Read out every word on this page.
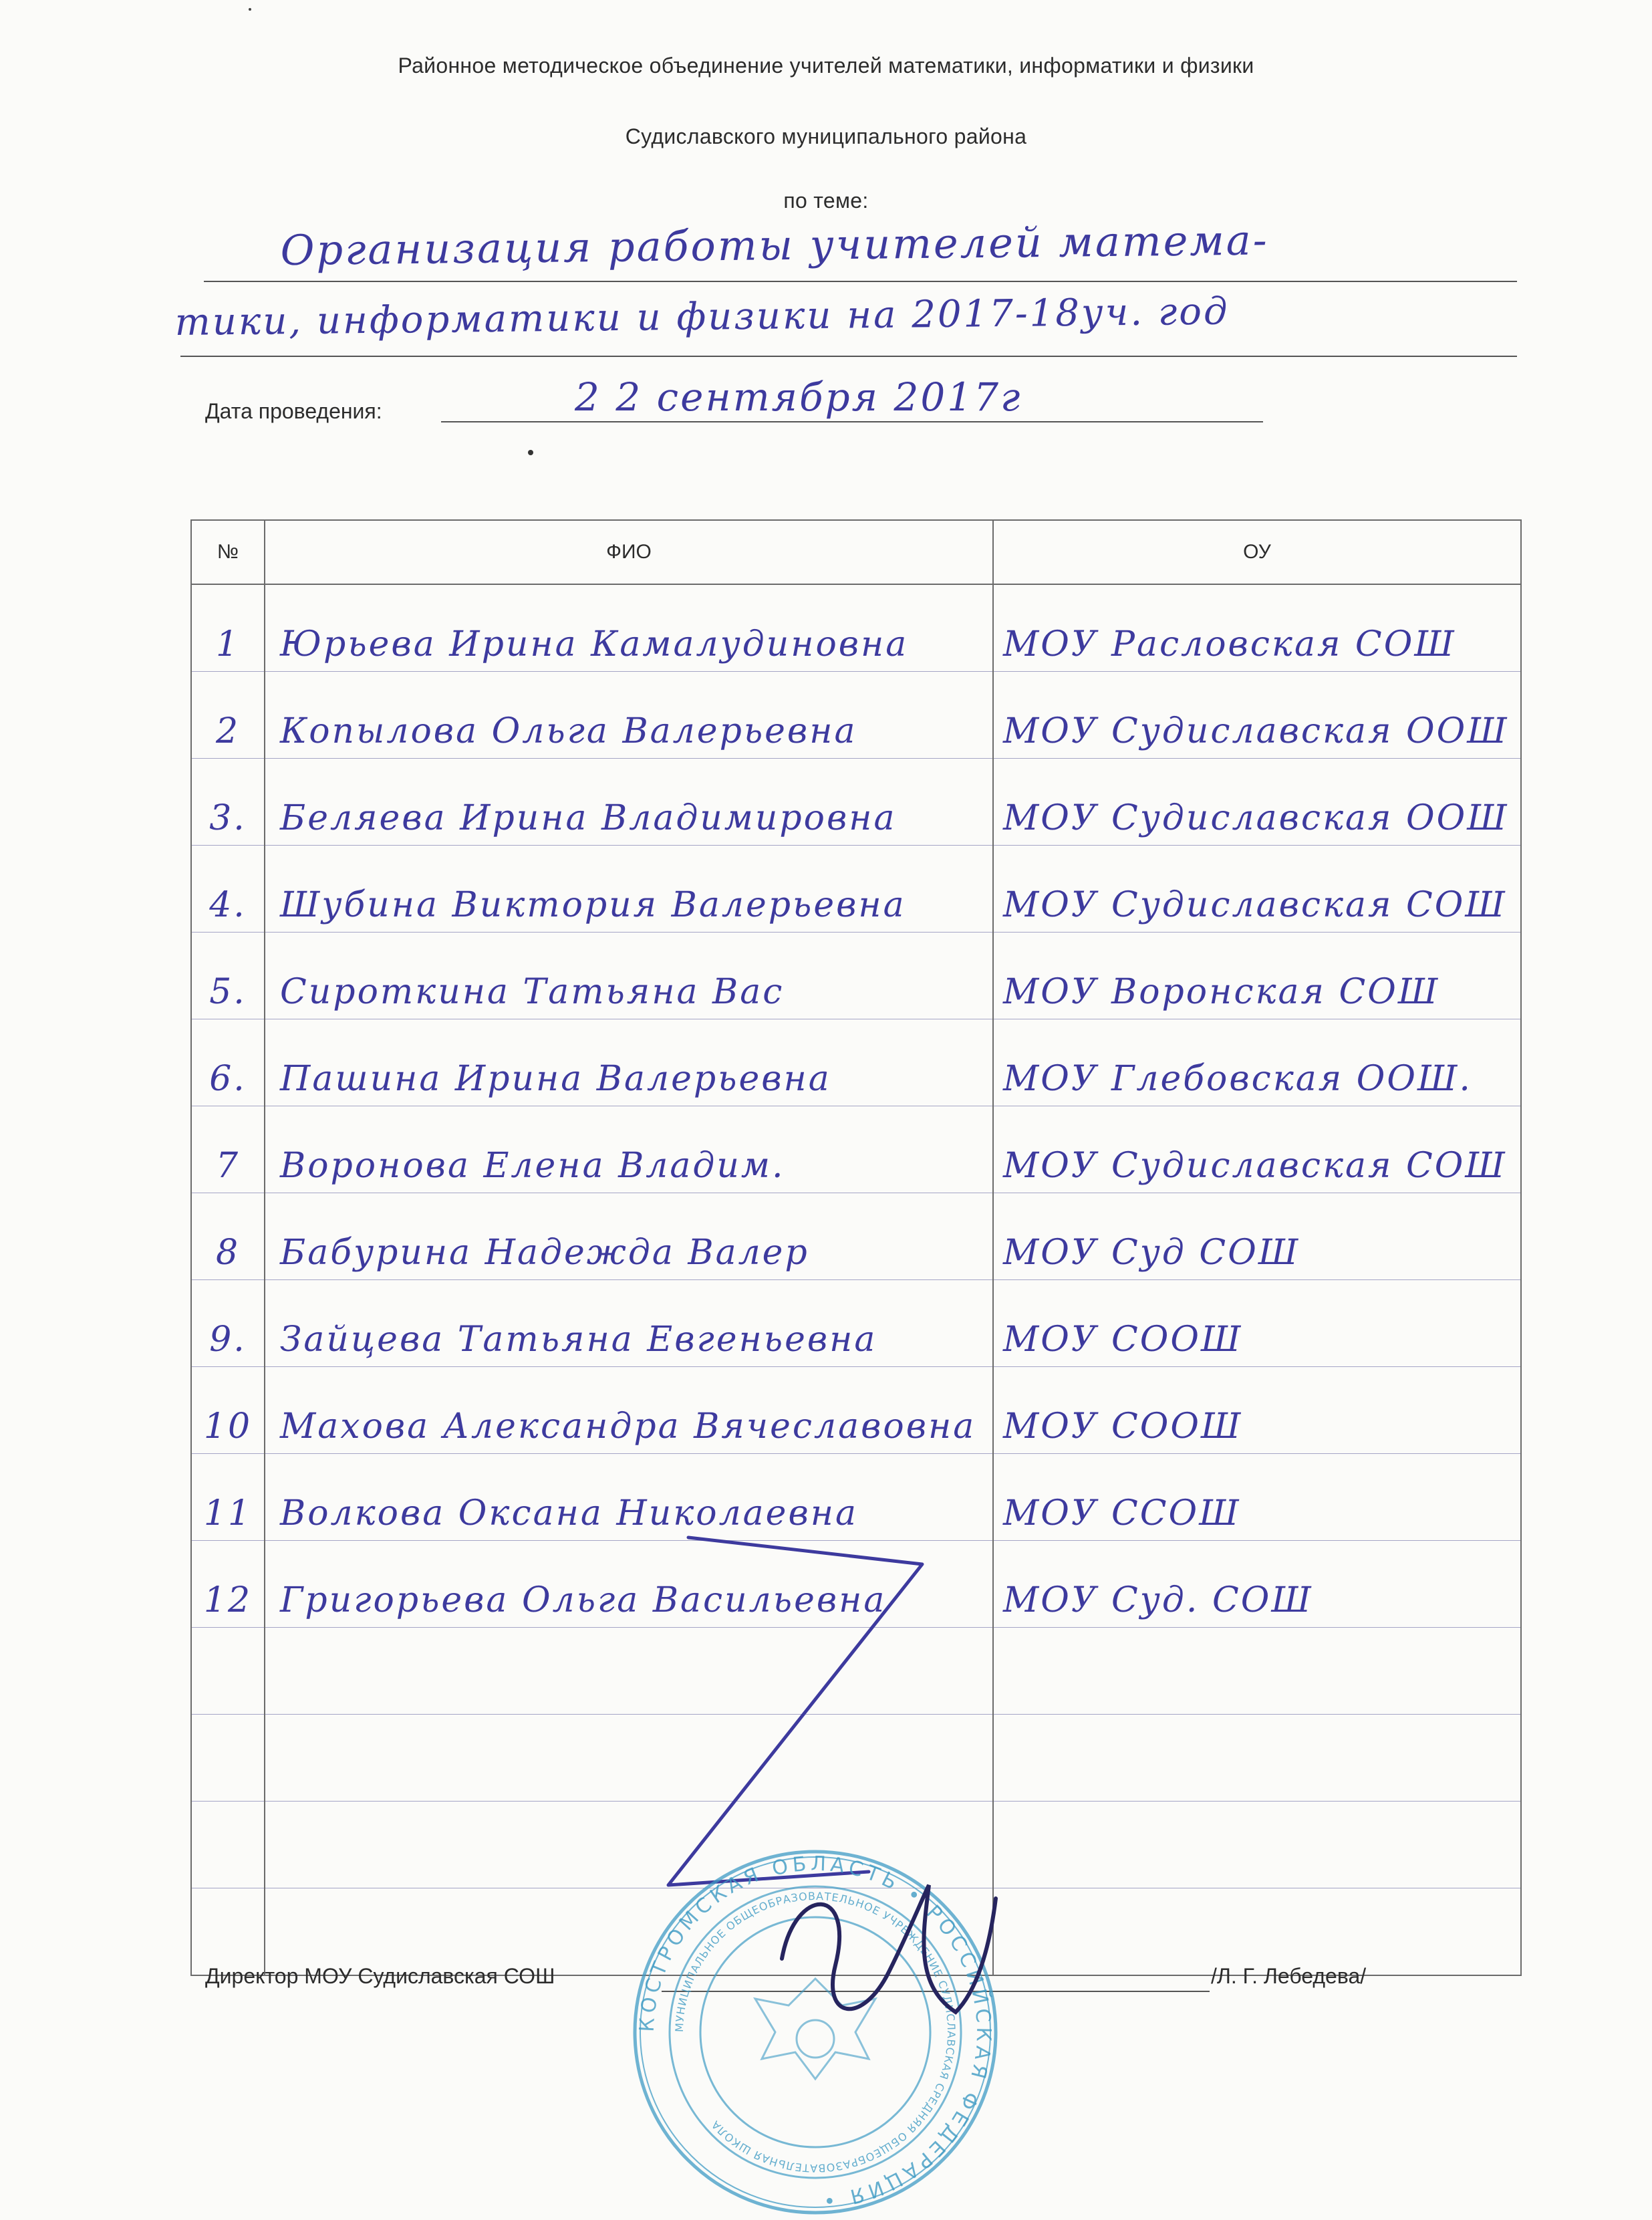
Районное методическое объединение учителей математики, информатики и физики
Судиславского муниципального района
по теме:
Организация работы учителей матема-
тики, информатики и физики на 2017-18уч. год
Дата проведения:	2 2 сентября 2017г
№	ФИО	ОУ
1	Юрьева Ирина Камалудиновна	МОУ Расловская СОШ
2	Копылова Ольга Валерьевна	МОУ Судиславская ООШ
3.	Беляева Ирина Владимировна	МОУ Судиславская ООШ
4.	Шубина Виктория Валерьевна	МОУ Судиславская СОШ
5.	Сироткина Татьяна Вас	МОУ Воронская СОШ
6.	Пашина Ирина Валерьевна	МОУ Глебовская ООШ.
7	Воронова Елена Владим.	МОУ Судиславская СОШ
8	Бабурина Надежда Валер	МОУ Суд СОШ
9.	Зайцева Татьяна Евгеньевна	МОУ СООШ
10	Махова Александра Вячеславовна	МОУ СООШ
11	Волкова Оксана Николаевна	МОУ ССОШ
12	Григорьева Ольга Васильевна	МОУ Суд. СОШ

Директор МОУ Судиславская СОШ	/Л. Г. Лебедева/
КОСТРОМСКАЯ ОБЛАСТЬ • РОССИЙСКАЯ ФЕДЕРАЦИЯ •
МУНИЦИПАЛЬНОЕ ОБЩЕОБРАЗОВАТЕЛЬНОЕ УЧРЕЖДЕНИЕ СУДИСЛАВСКАЯ СРЕДНЯЯ ОБЩЕОБРАЗОВАТЕЛЬНАЯ ШКОЛА
